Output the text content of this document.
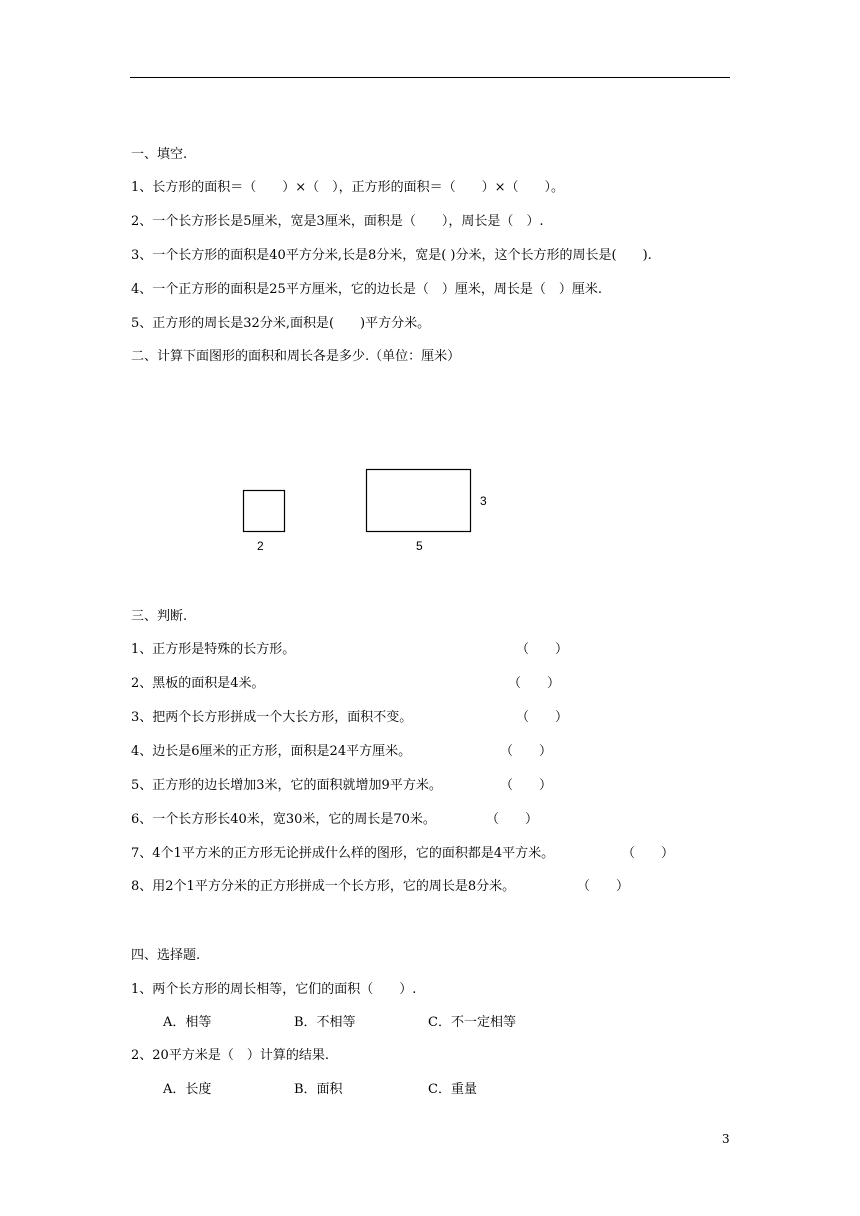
一、填空.
1、长方形的面积＝（　　）×（　），正方形的面积＝（　　）×（　　）。
2、一个长方形长是5厘米，宽是3厘米，面积是（　　），周长是（　）.
3、一个长方形的面积是40平方分米,长是8分米，宽是( )分米，这个长方形的周长是(　　).
4、一个正方形的面积是25平方厘米，它的边长是（　）厘米，周长是（　）厘米.
5、正方形的周长是32分米,面积是(　　)平方分米。
二、计算下面图形的面积和周长各是多少.（单位：厘米）
2	5
3
三、判断.
1、正方形是特殊的长方形。	（　　）
2、黑板的面积是4米。	（　　）
3、把两个长方形拼成一个大长方形，面积不变。	（　　）
4、边长是6厘米的正方形，面积是24平方厘米。	（　　）
5、正方形的边长增加3米，它的面积就增加9平方米。	（　　）
6、一个长方形长40米，宽30米，它的周长是70米。	（　　）
7、4个1平方米的正方形无论拼成什么样的图形，它的面积都是4平方米。	（　　）
8、用2个1平方分米的正方形拼成一个长方形，它的周长是8分米。	（　　）
四、选择题.
1、两个长方形的周长相等，它们的面积（　　）.
A．相等	B．不相等	C．不一定相等
2、20平方米是（　）计算的结果.
A．长度	B．面积	C．重量
3
